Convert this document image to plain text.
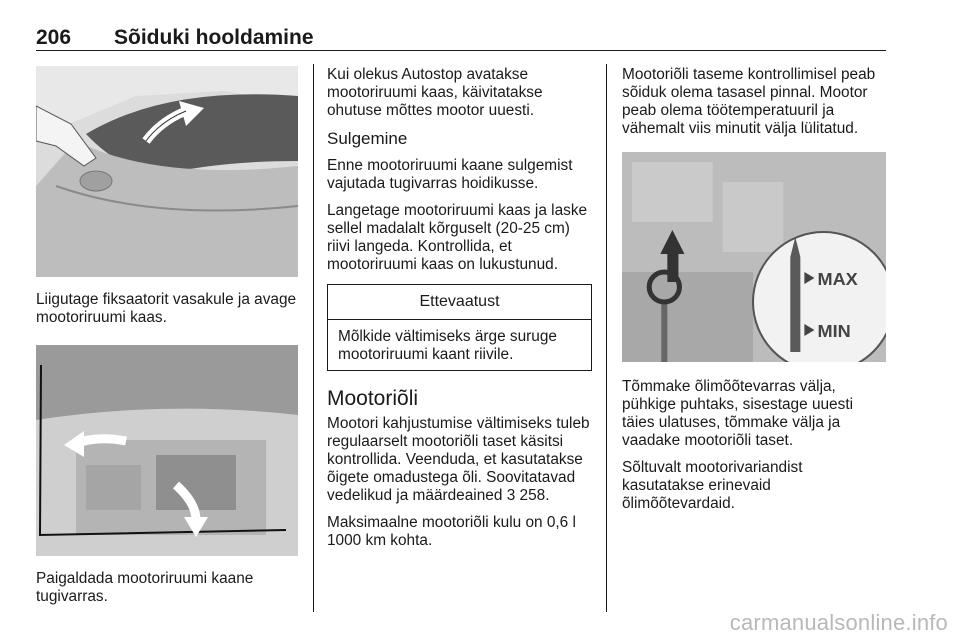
206 Sõiduki hooldamine

Liigutage fiksaatorit vasakule ja avage mootoriruumi kaas.

Paigaldada mootoriruumi kaane tugivarras.

Kui olekus Autostop avatakse mootoriruumi kaas, käivitatakse ohutuse mõttes mootor uuesti.

Sulgemine

Enne mootoriruumi kaane sulgemist vajutada tugivarras hoidikusse.

Langetage mootoriruumi kaas ja laske sellel madalalt kõrguselt (20-25 cm) riivi langeda. Kontrollida, et mootoriruumi kaas on lukustunud.

Ettevaatust

Mõlkide vältimiseks ärge suruge mootoriruumi kaant riivile.

Mootoriõli

Mootori kahjustumise vältimiseks tuleb regulaarselt mootoriõli taset käsitsi kontrollida. Veenduda, et kasutatakse õigete omadustega õli. Soovitatavad vedelikud ja määrdeained 3 258.

Maksimaalne mootoriõli kulu on 0,6 l 1000 km kohta.

Mootoriõli taseme kontrollimisel peab sõiduk olema tasasel pinnal. Mootor peab olema töötemperatuuril ja vähemalt viis minutit välja lülitatud.

MAX
MIN

Tõmmake õlimõõtevarras välja, pühkige puhtaks, sisestage uuesti täies ulatuses, tõmmake välja ja vaadake mootoriõli taset.

Sõltuvalt mootorivariandist kasutatakse erinevaid õlimõõtevardaid.

carmanualsonline.info
